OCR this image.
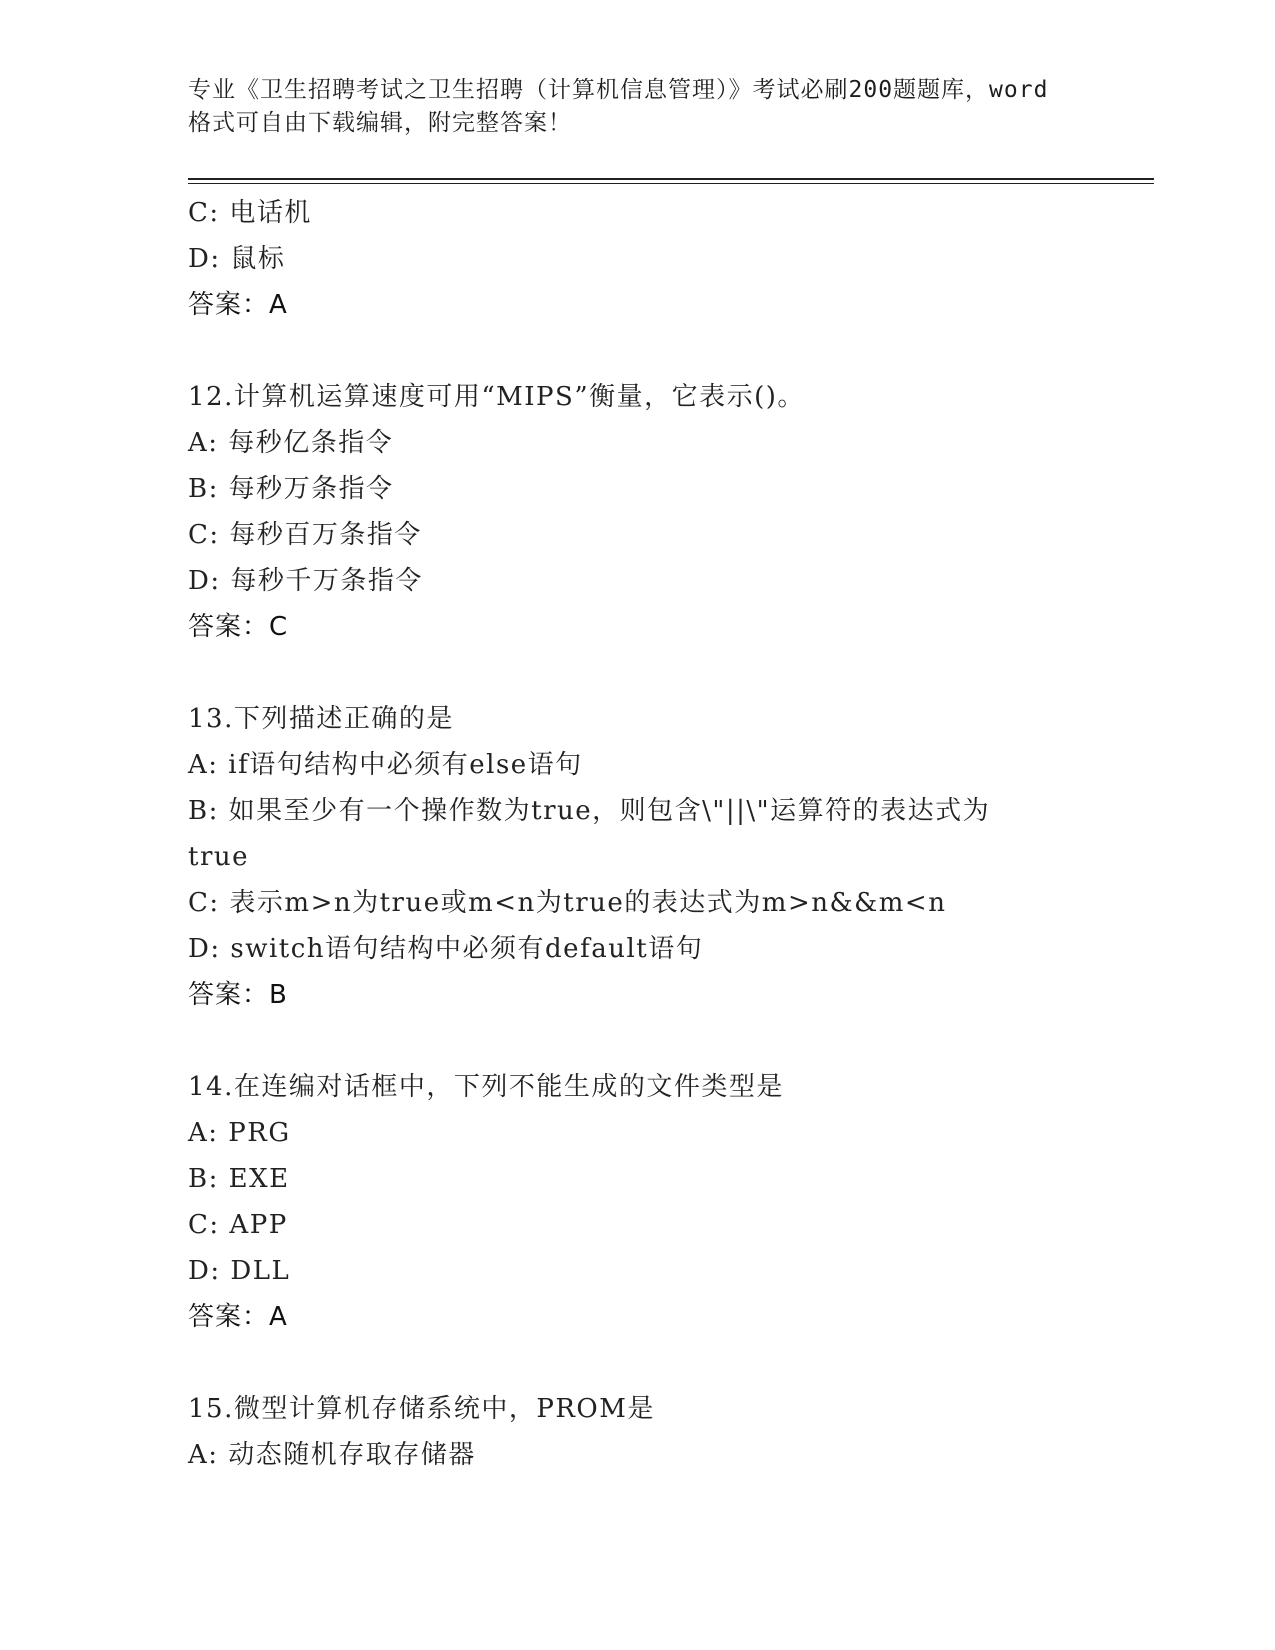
专业《卫生招聘考试之卫生招聘（计算机信息管理）》考试必刷200题题库，word
格式可自由下载编辑，附完整答案！
C: 电话机
D: 鼠标
答案：A
12.计算机运算速度可用“MIPS”衡量，它表示()。
A: 每秒亿条指令
B: 每秒万条指令
C: 每秒百万条指令
D: 每秒千万条指令
答案：C
13.下列描述正确的是
A: if语句结构中必须有else语句
B: 如果至少有一个操作数为true，则包含\"||\"运算符的表达式为
true
C: 表示m>n为true或m<n为true的表达式为m>n&&m<n
D: switch语句结构中必须有default语句
答案：B
14.在连编对话框中，下列不能生成的文件类型是
A: PRG
B: EXE
C: APP
D: DLL
答案：A
15.微型计算机存储系统中，PROM是
A: 动态随机存取存储器
